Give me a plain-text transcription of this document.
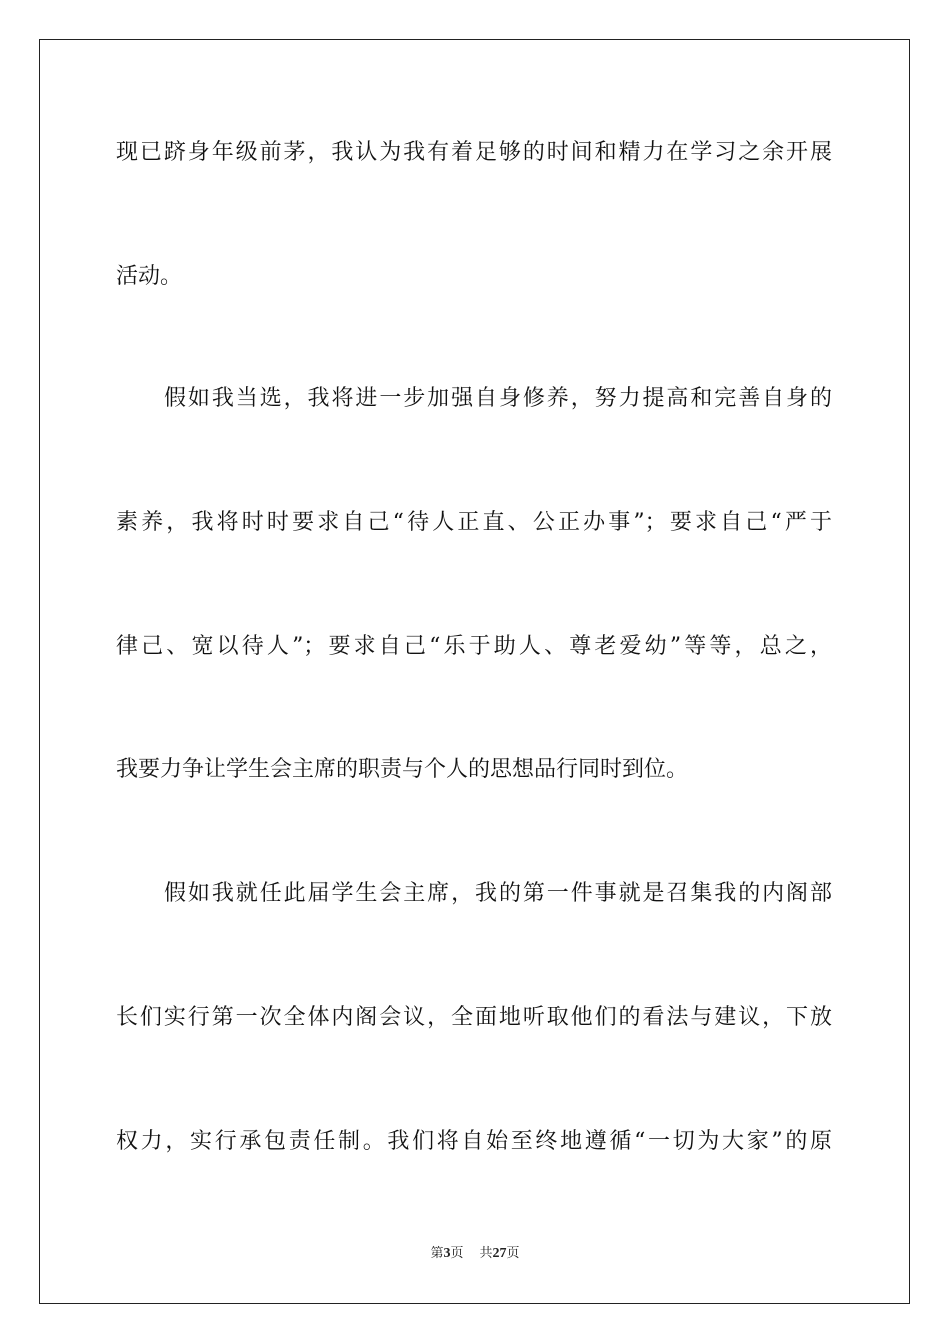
现已跻身年级前茅，我认为我有着足够的时间和精力在学习之余开展
活动。
假如我当选，我将进一步加强自身修养，努力提高和完善自身的
素养，我将时时要求自己“待人正直、公正办事”；要求自己“严于
律己、宽以待人”；要求自己“乐于助人、尊老爱幼”等等，总之，
我要力争让学生会主席的职责与个人的思想品行同时到位。
假如我就任此届学生会主席，我的第一件事就是召集我的内阁部
长们实行第一次全体内阁会议，全面地听取他们的看法与建议，下放
权力，实行承包责任制。我们将自始至终地遵循“一切为大家”的原
第3页 共27页
